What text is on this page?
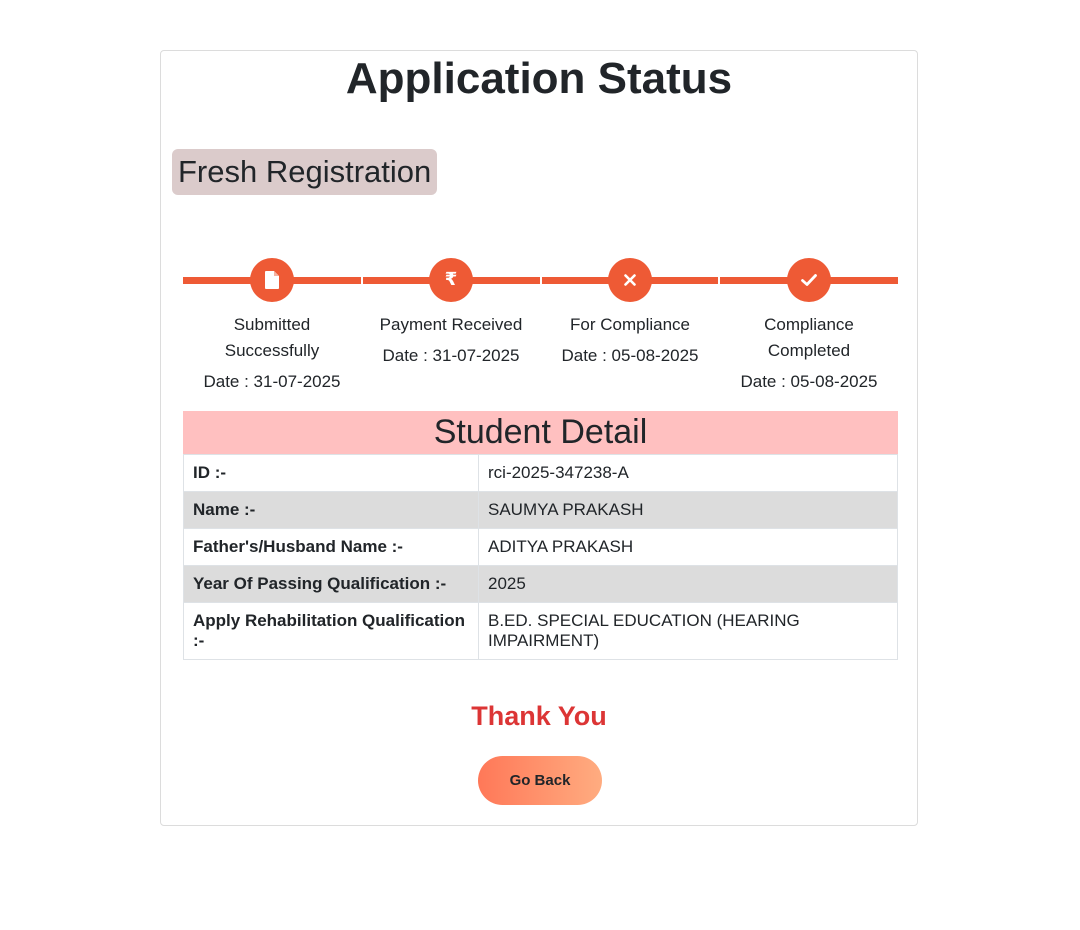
Application Status
Fresh Registration
Submitted Successfully
Date : 31-07-2025
₹
Payment Received
Date : 31-07-2025
For Compliance
Date : 05-08-2025
Compliance Completed
Date : 05-08-2025
Student Detail
ID :-	rci-2025-347238-A
Name :-	SAUMYA PRAKASH
Father's/Husband Name :-	ADITYA PRAKASH
Year Of Passing Qualification :-	2025
Apply Rehabilitation Qualification :-	B.ED. SPECIAL EDUCATION (HEARING IMPAIRMENT)
Thank You
Go Back
